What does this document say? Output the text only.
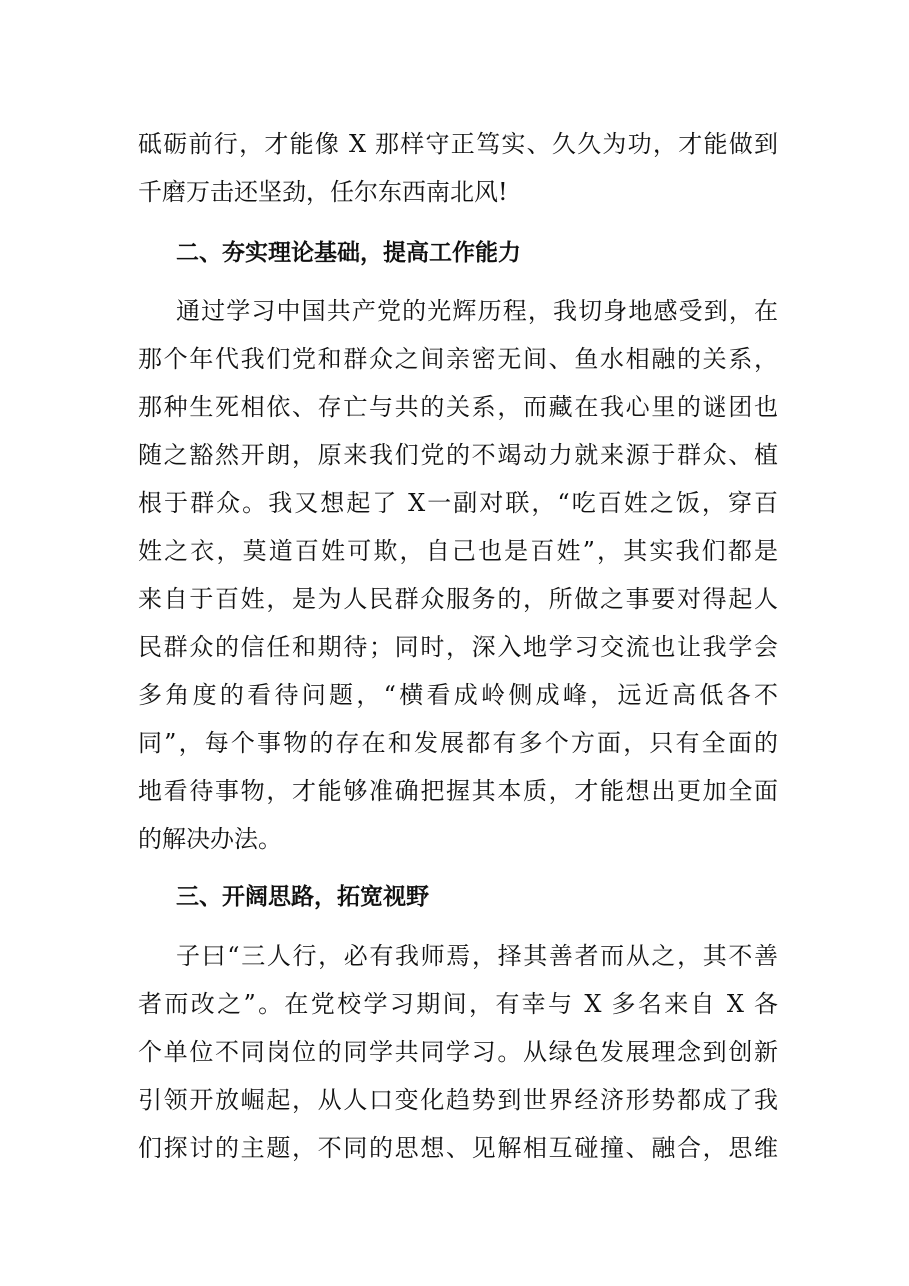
砥砺前行，才能像 X 那样守正笃实、久久为功，才能做到
千磨万击还坚劲，任尔东西南北风!
二、夯实理论基础，提高工作能力
通过学习中国共产党的光辉历程，我切身地感受到，在
那个年代我们党和群众之间亲密无间、鱼水相融的关系，
那种生死相依、存亡与共的关系，而藏在我心里的谜团也
随之豁然开朗，原来我们党的不竭动力就来源于群众、植
根于群众。我又想起了 X一副对联，“吃百姓之饭，穿百
姓之衣，莫道百姓可欺，自己也是百姓”，其实我们都是
来自于百姓，是为人民群众服务的，所做之事要对得起人
民群众的信任和期待；同时，深入地学习交流也让我学会
多角度的看待问题，“横看成岭侧成峰，远近高低各不
同”，每个事物的存在和发展都有多个方面，只有全面的
地看待事物，才能够准确把握其本质，才能想出更加全面
的解决办法。
三、开阔思路，拓宽视野
子曰“三人行，必有我师焉，择其善者而从之，其不善
者而改之”。在党校学习期间，有幸与 X 多名来自 X 各
个单位不同岗位的同学共同学习。从绿色发展理念到创新
引领开放崛起，从人口变化趋势到世界经济形势都成了我
们探讨的主题，不同的思想、见解相互碰撞、融合，思维
